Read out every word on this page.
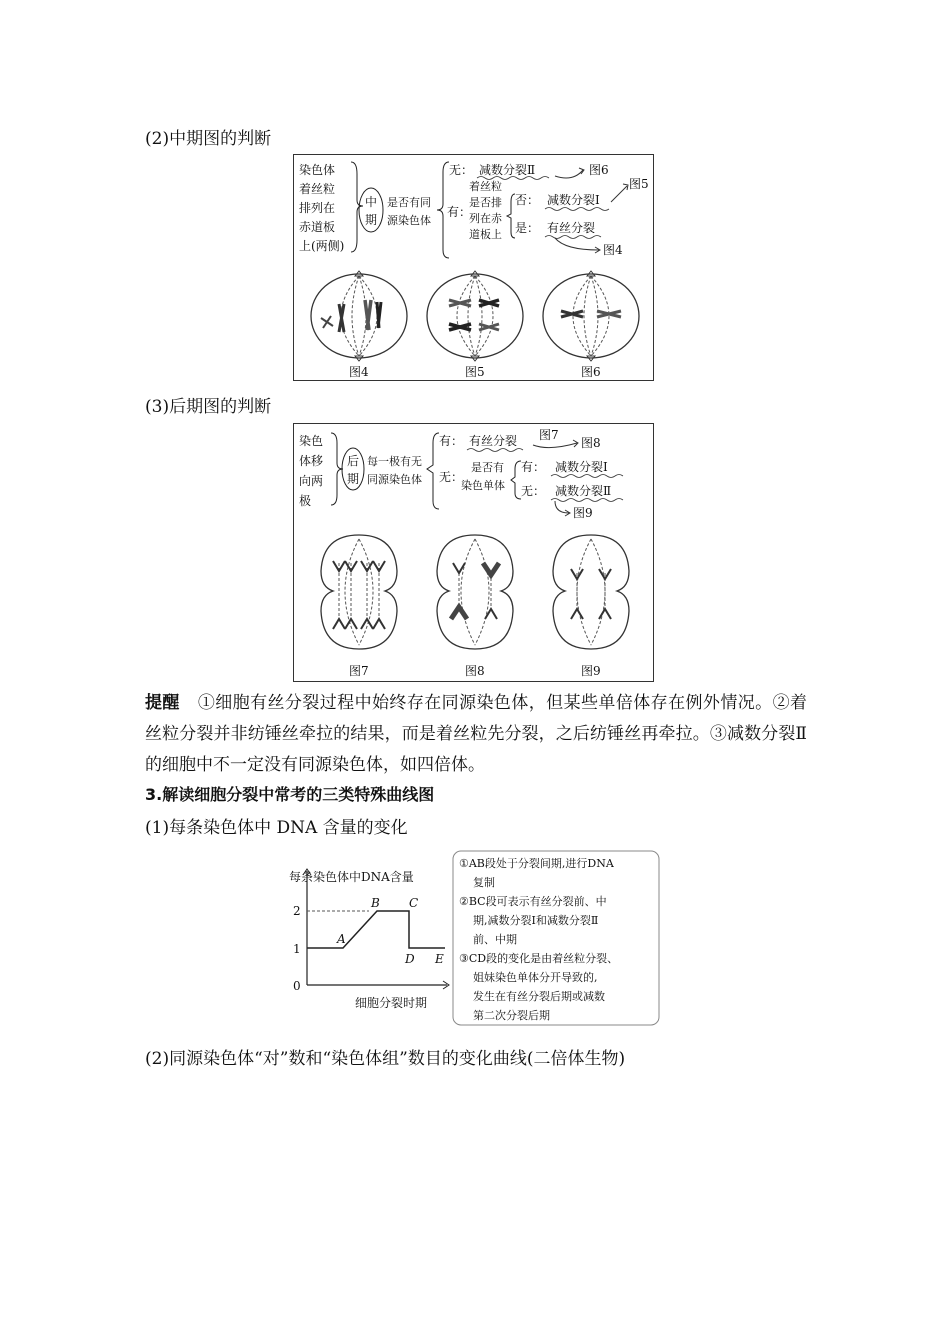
(2)中期图的判断
染色体
着丝粒
排列在
赤道板
上(两侧)
中
期
是否有同
源染色体
无： 减数分裂Ⅱ	图6
有：
着丝粒
是否排
列在赤
道板上
否： 减数分裂Ⅰ
图5
是： 有丝分裂
图4
图4	图5	图6
(3)后期图的判断
染色
体移
向两
极
后
期
每一极有无
同源染色体
有： 有丝分裂 图7
图8
无：
是否有
染色单体
有： 减数分裂Ⅰ
无： 减数分裂Ⅱ
图9
图7	图8	图9
提醒 ①细胞有丝分裂过程中始终存在同源染色体，但某些单倍体存在例外情况。②着丝粒分裂并非纺锤丝牵拉的结果，而是着丝粒先分裂，之后纺锤丝再牵拉。③减数分裂Ⅱ的细胞中不一定没有同源染色体，如四倍体。
3.解读细胞分裂中常考的三类特殊曲线图
(1)每条染色体中 DNA 含量的变化
每条染色体中DNA含量
2
1
0
A
B C
D E
细胞分裂时期
①AB段处于分裂间期,进行DNA
复制
②BC段可表示有丝分裂前、中
期,减数分裂Ⅰ和减数分裂Ⅱ
前、中期
③CD段的变化是由着丝粒分裂、
姐妹染色单体分开导致的,
发生在有丝分裂后期或减数
第二次分裂后期
(2)同源染色体“对”数和“染色体组”数目的变化曲线(二倍体生物)
